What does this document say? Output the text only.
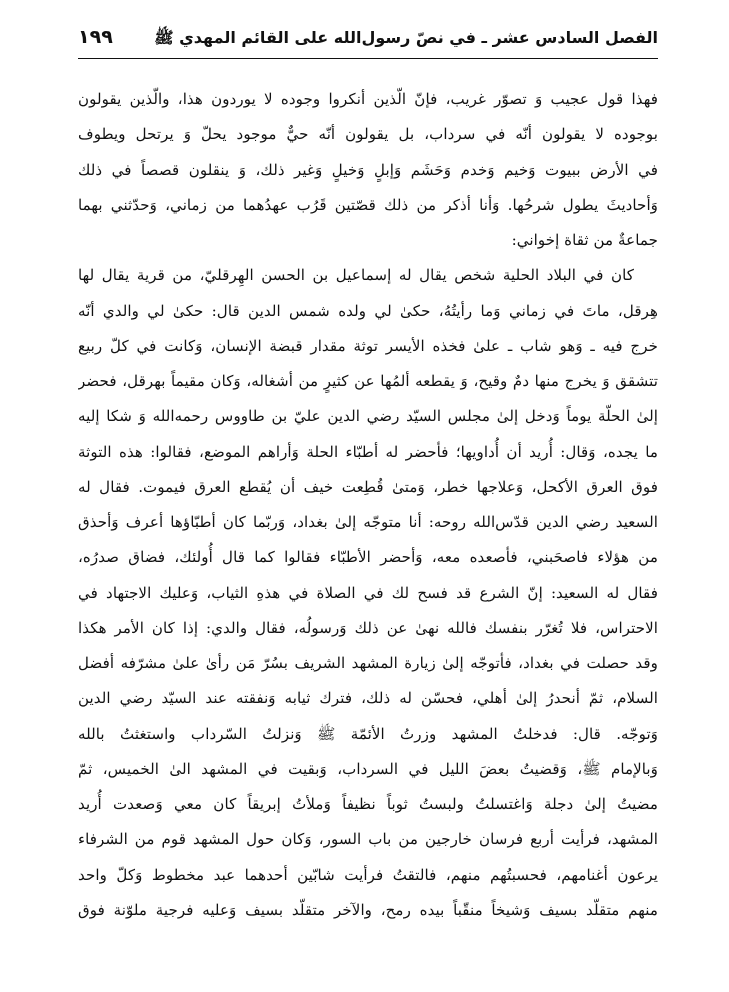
الفصل السادس عشر ـ في نصّ رسول‌الله على القائم المهدي ﷺ
١٩٩
فهذا قول عجيب وَ تصوّر غريب، فإنّ الّذين أنكروا وجوده لا يوردون هذا، والّذين يقولون
بوجوده لا يقولون أنّه في سرداب، بل يقولون أنّه حيٌّ موجود يحلّ وَ يرتحل ويطوف
في الأرض ببيوت وَخيم وَخدم وَحَشَم وَإبلٍ وَخيلٍ وَغير ذلك، وَ ينقلون قصصاً في ذلك
وَأحاديثَ يطول شرحُها. وَأنا أذكر من ذلك قصّتين قَرُب عهدُهما من زماني، وَحدّثني بهما
جماعةٌ من ثقاة إخواني:
كان في البلاد الحلية شخص يقال له إسماعيل بن الحسن الهِرقليّ، من قرية يقال لها
هِرقل، ماتَ في زماني وَما رأيتُهُ، حكىٰ لي ولده شمس الدين قال: حكىٰ لي والدي أنّه
خرج فيه ـ وَهو شاب ـ علىٰ فخذه الأيسر توثة مقدار قبضة الإنسان، وَكانت في كلّ ربيع
تتشقق وَ يخرج منها دمٌ وقيح، وَ يقطعه ألمُها عن كثيرٍ من أشغاله، وَكان مقيماً بهرقل، فحضر
إلىٰ الحلّة يوماً وَدخل إلىٰ مجلس السيّد رضي الدين عليّ بن طاووس رحمه‌الله وَ شكا إليه
ما يجده، وَقال: أُريد أن أُداويها؛ فأحضر له أطبّاء الحلة وَأراهم الموضع، فقالوا: هذه التوثة
فوق العرق الأكحل، وَعلاجها خطر، وَمتىٰ قُطِعت خيف أن يُقطع العرق فيموت. فقال له
السعيد رضي الدين قدّس‌الله روحه: أنا متوجّه إلىٰ بغداد، وَربّما كان أطبّاؤها أعرف وَأحذق
من هؤلاء فاصحَبني، فأصعده معه، وَأحضر الأطبّاء فقالوا كما قال أُولئك، فضاق صدرُه،
فقال له السعيد: إنّ الشرع قد فسح لك في الصلاة في هذهِ الثياب، وَعليك الاجتهاد في
الاحتراس، فلا تُغرّر بنفسك فالله نهىٰ عن ذلك وَرسولُه، فقال والدي: إذا كان الأمر هكذا
وقد حصلت في بغداد، فأتوجّه إلىٰ زيارة المشهد الشريف بسُرّ مَن رأىٰ علىٰ مشرّفه أفضل
السلام، ثمّ أنحدرُ إلىٰ أهلي، فحسّن له ذلك، فترك ثيابه وَنفقته عند السيّد رضي الدين
وَتوجّه. قال: فدخلتُ المشهد وزرتُ الأئمّة ﷺ وَنزلتُ السّرداب واستغثتُ بالله
وَبالإمام ﷺ، وَقضيتُ بعضَ الليل في السرداب، وَبقيت في المشهد الىٰ الخميس، ثمّ
مضيتُ إلىٰ دجلة وَاغتسلتُ ولبستُ ثوباً نظيفاً وَملأتُ إبريقاً كان معي وَصعدت أُريد
المشهد، فرأيت أربع فرسان خارجين من باب السور، وَكان حول المشهد قوم من الشرفاء
يرعون أغنامهم، فحسبتُهم منهم، فالتقتُ فرأيت شابّين أحدهما عبد مخطوط وَكلّ واحد
منهم متقلّد بسيف وَشيخاً منقّباً بيده رمح، والآخر متقلّد بسيف وَعليه فرجية ملوّنة فوق
